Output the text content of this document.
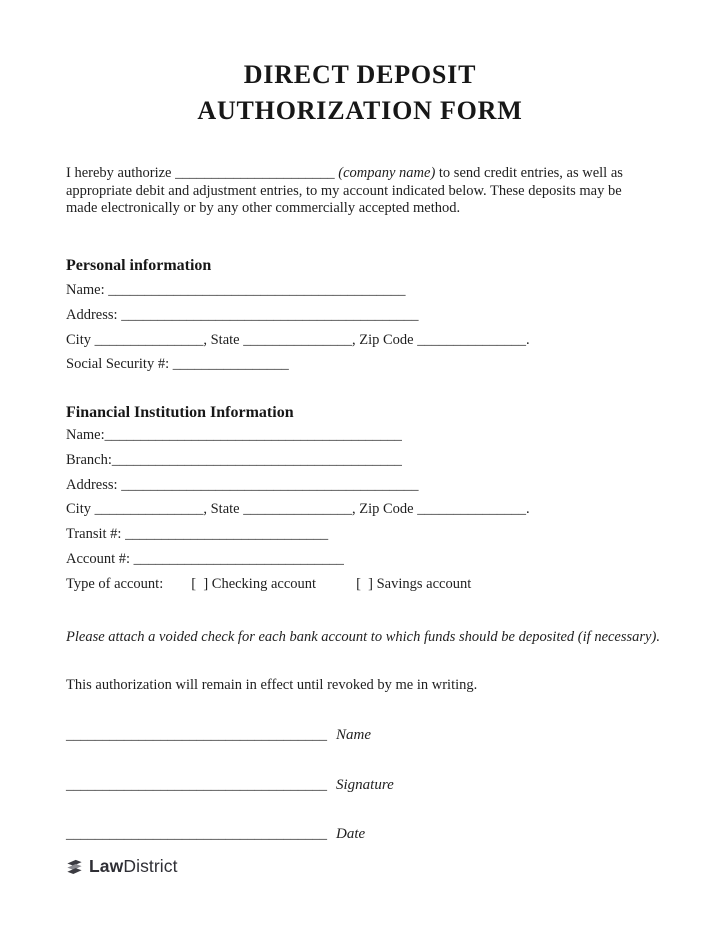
DIRECT DEPOSIT
AUTHORIZATION FORM

I hereby authorize ______________________ (company name) to send credit entries, as well as appropriate debit and adjustment entries, to my account indicated below. These deposits may be made electronically or by any other commercially accepted method.

Personal information
Name: _________________________________________
Address: _________________________________________
City _______________, State _______________, Zip Code _______________.
Social Security #: ________________
Financial Institution Information
Name:_________________________________________
Branch:________________________________________
Address: _________________________________________
City _______________, State _______________, Zip Code _______________.
Transit #: ____________________________
Account #: _____________________________
Type of account: [  ] Checking account	[  ] Savings account

Please attach a voided check for each bank account to which funds should be deposited (if necessary).

This authorization will remain in effect until revoked by me in writing.

____________________________________ Name
____________________________________ Signature
____________________________________ Date
LawDistrict
